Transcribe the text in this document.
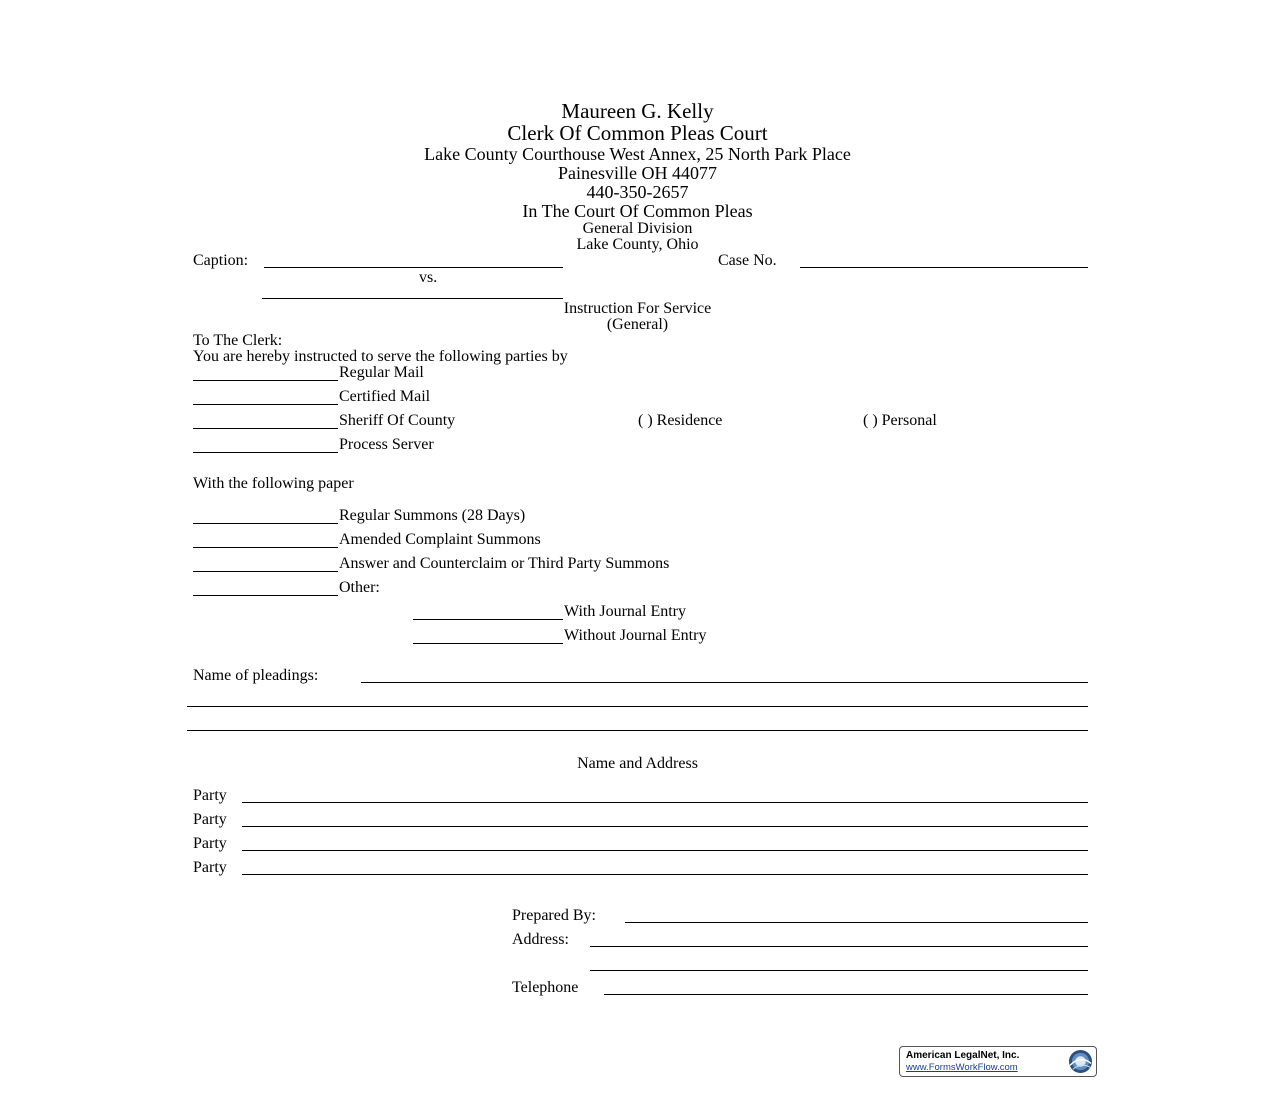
Maureen G. Kelly
Clerk Of Common Pleas Court
Lake County Courthouse West Annex, 25 North Park Place
Painesville OH 44077
440-350-2657
In The Court Of Common Pleas
General Division
Lake County, Ohio
Caption:	Case No.
vs.
Instruction For Service
(General)
To The Clerk:
You are hereby instructed to serve the following parties by
Regular Mail
Certified Mail
Sheriff Of County	( ) Residence	( ) Personal
Process Server
With the following paper
Regular Summons (28 Days)
Amended Complaint Summons
Answer and Counterclaim or Third Party Summons
Other:
With Journal Entry
Without Journal Entry
Name of pleadings:
Name and Address
Party
Party
Party
Party
Prepared By:
Address:
Telephone
American LegalNet, Inc.
www.FormsWorkFlow.com
